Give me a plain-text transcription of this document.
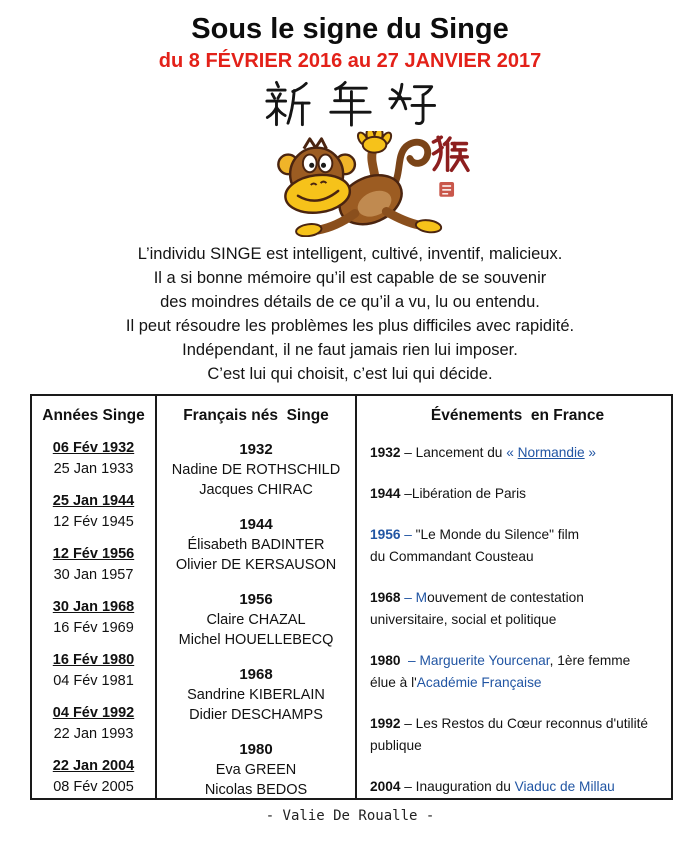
Sous le signe du Singe
du 8 FÉVRIER 2016 au 27 JANVIER 2017
L’individu SINGE est intelligent, cultivé, inventif, malicieux.
Il a si bonne mémoire qu’il est capable de se souvenir
des moindres détails de ce qu’il a vu, lu ou entendu.
Il peut résoudre les problèmes les plus difficiles avec rapidité.
Indépendant, il ne faut jamais rien lui imposer.
C’est lui qui choisit, c’est lui qui décide.
Années Singe
06 Fév 1932
25 Jan 1933
25 Jan 1944
12 Fév 1945
12 Fév 1956
30 Jan 1957
30 Jan 1968
16 Fév 1969
16 Fév 1980
04 Fév 1981
04 Fév 1992
22 Jan 1993
22 Jan 2004
08 Fév 2005
Français nés  Singe
1932
Nadine DE ROTHSCHILD
Jacques CHIRAC
1944
Élisabeth BADINTER
Olivier DE KERSAUSON
1956
Claire CHAZAL
Michel HOUELLEBECQ
1968
Sandrine KIBERLAIN
Didier DESCHAMPS
1980
Eva GREEN
Nicolas BEDOS
Événements  en France
1932 – Lancement du « Normandie »
1944 –Libération de Paris
1956 – "Le Monde du Silence" film
du Commandant Cousteau
1968 – Mouvement de contestation
universitaire, social et politique
1980  – Marguerite Yourcenar, 1ère femme
élue à l'Académie Française
1992 – Les Restos du Cœur reconnus d'utilité
publique
2004 – Inauguration du Viaduc de Millau
- Valie De Roualle -
